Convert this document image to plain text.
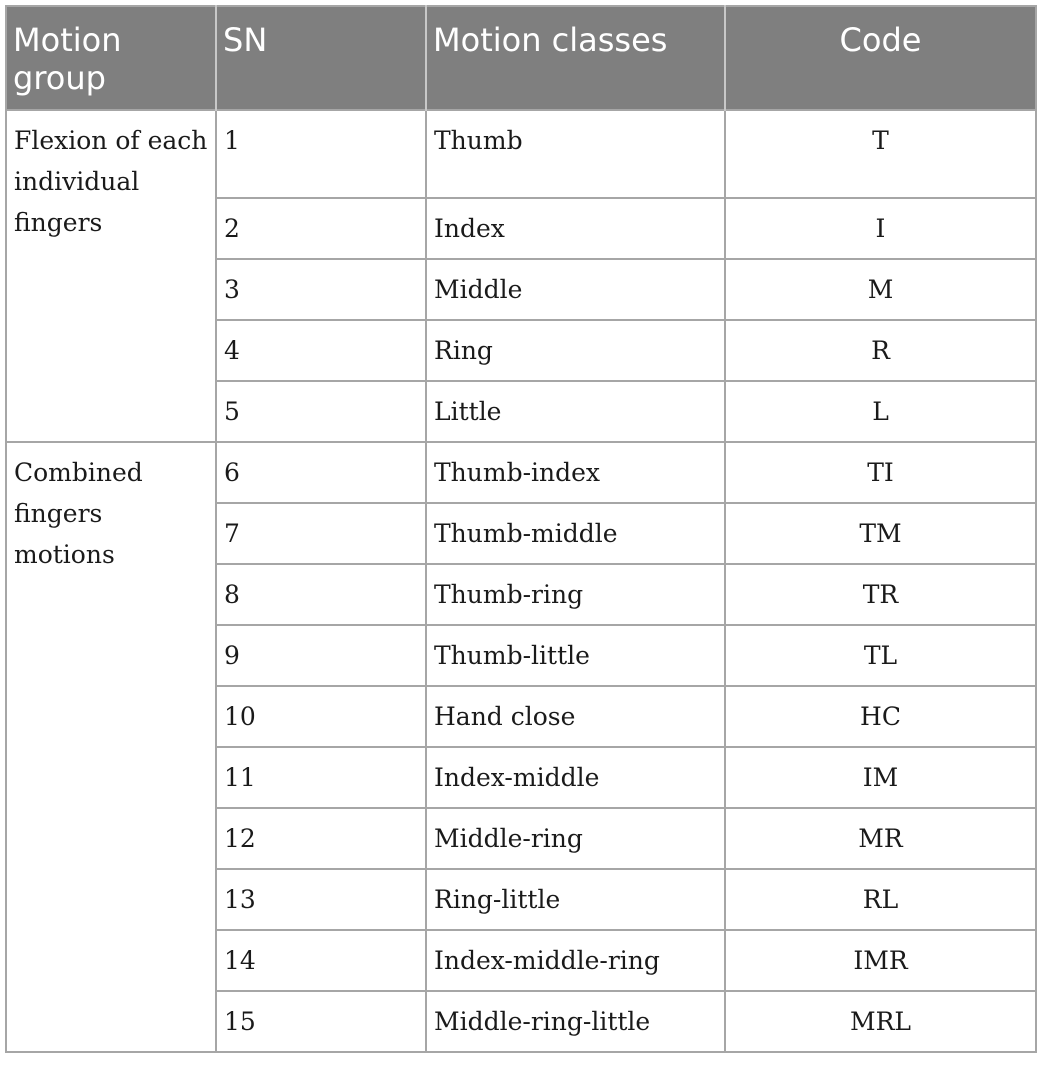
Motion group	SN	Motion classes	Code
Flexion of each individual fingers	1	Thumb	T
	2	Index	I
	3	Middle	M
	4	Ring	R
	5	Little	L
Combined fingers motions	6	Thumb-index	TI
	7	Thumb-middle	TM
	8	Thumb-ring	TR
	9	Thumb-little	TL
	10	Hand close	HC
	11	Index-middle	IM
	12	Middle-ring	MR
	13	Ring-little	RL
	14	Index-middle-ring	IMR
	15	Middle-ring-little	MRL
